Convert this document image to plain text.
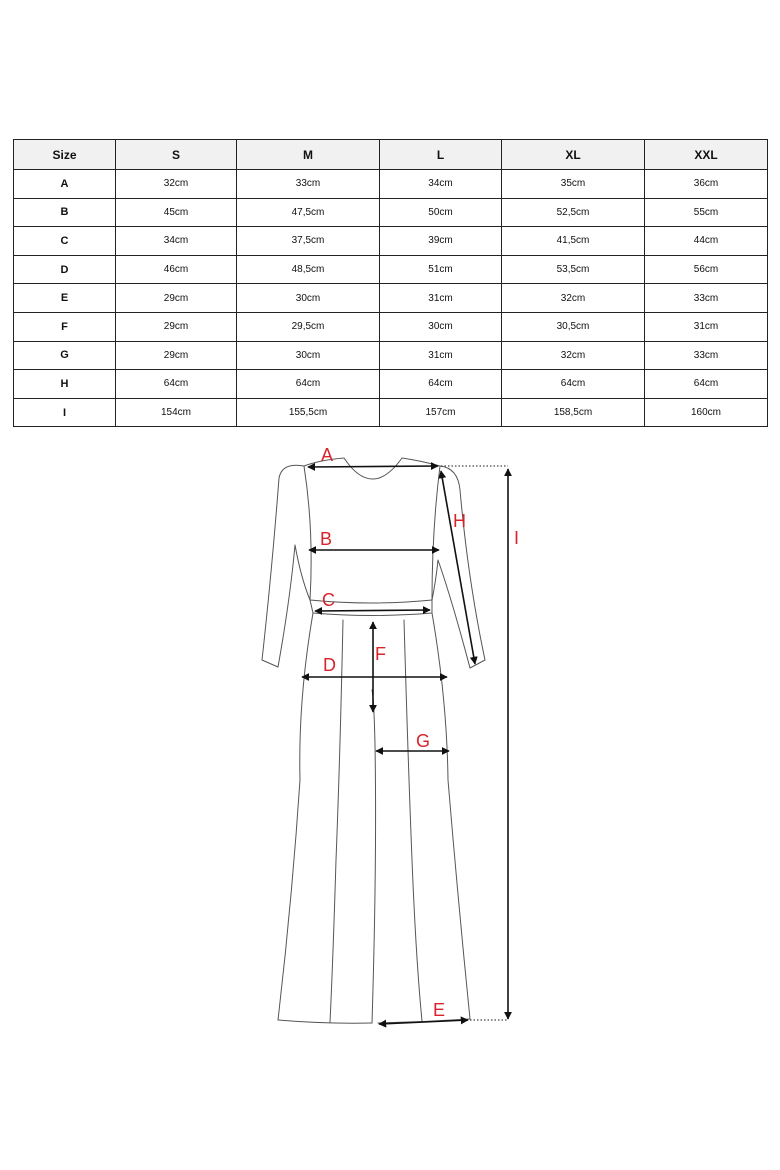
Size	S	M	L	XL	XXL
A	32cm	33cm	34cm	35cm	36cm
B	45cm	47,5cm	50cm	52,5cm	55cm
C	34cm	37,5cm	39cm	41,5cm	44cm
D	46cm	48,5cm	51cm	53,5cm	56cm
E	29cm	30cm	31cm	32cm	33cm
F	29cm	29,5cm	30cm	30,5cm	31cm
G	29cm	30cm	31cm	32cm	33cm
H	64cm	64cm	64cm	64cm	64cm
I	154cm	155,5cm	157cm	158,5cm	160cm
A
B
C
D
F
G
H
I
E
